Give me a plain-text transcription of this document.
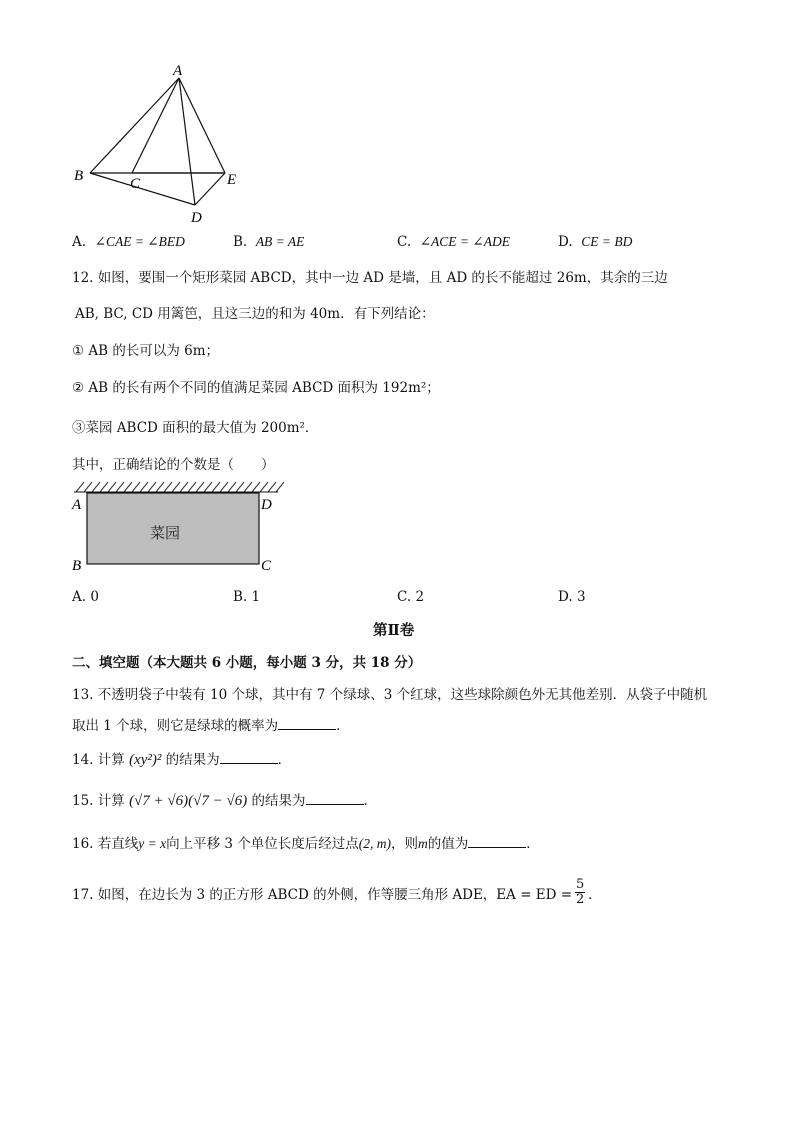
A
B	C
D
E
A. ∠CAE = ∠BED	B. AB = AE	C. ∠ACE = ∠ADE	D. CE = BD
12. 如图，要围一个矩形菜园 ABCD，其中一边 AD 是墙，且 AD 的长不能超过 26m，其余的三边
AB, BC, CD 用篱笆，且这三边的和为 40m．有下列结论：
① AB 的长可以为 6m；
② AB 的长有两个不同的值满足菜园 ABCD 面积为 192m²；
③菜园 ABCD 面积的最大值为 200m²．
其中，正确结论的个数是（　　）
菜园
A	D
B	C
A. 0	B. 1	C. 2	D. 3
第Ⅱ卷
二、填空题（本大题共 6 小题，每小题 3 分，共 18 分）
13. 不透明袋子中装有 10 个球，其中有 7 个绿球、3 个红球，这些球除颜色外无其他差别．从袋子中随机
取出 1 个球，则它是绿球的概率为	．
14. 计算 (xy²)² 的结果为	．
15. 计算 (√7 + √6)(√7 − √6) 的结果为	．
16. 若直线y = x向上平移 3 个单位长度后经过点(2, m)，则m的值为	．
17. 如图，在边长为 3 的正方形 ABCD 的外侧，作等腰三角形 ADE，EA = ED =
5
2 ．
